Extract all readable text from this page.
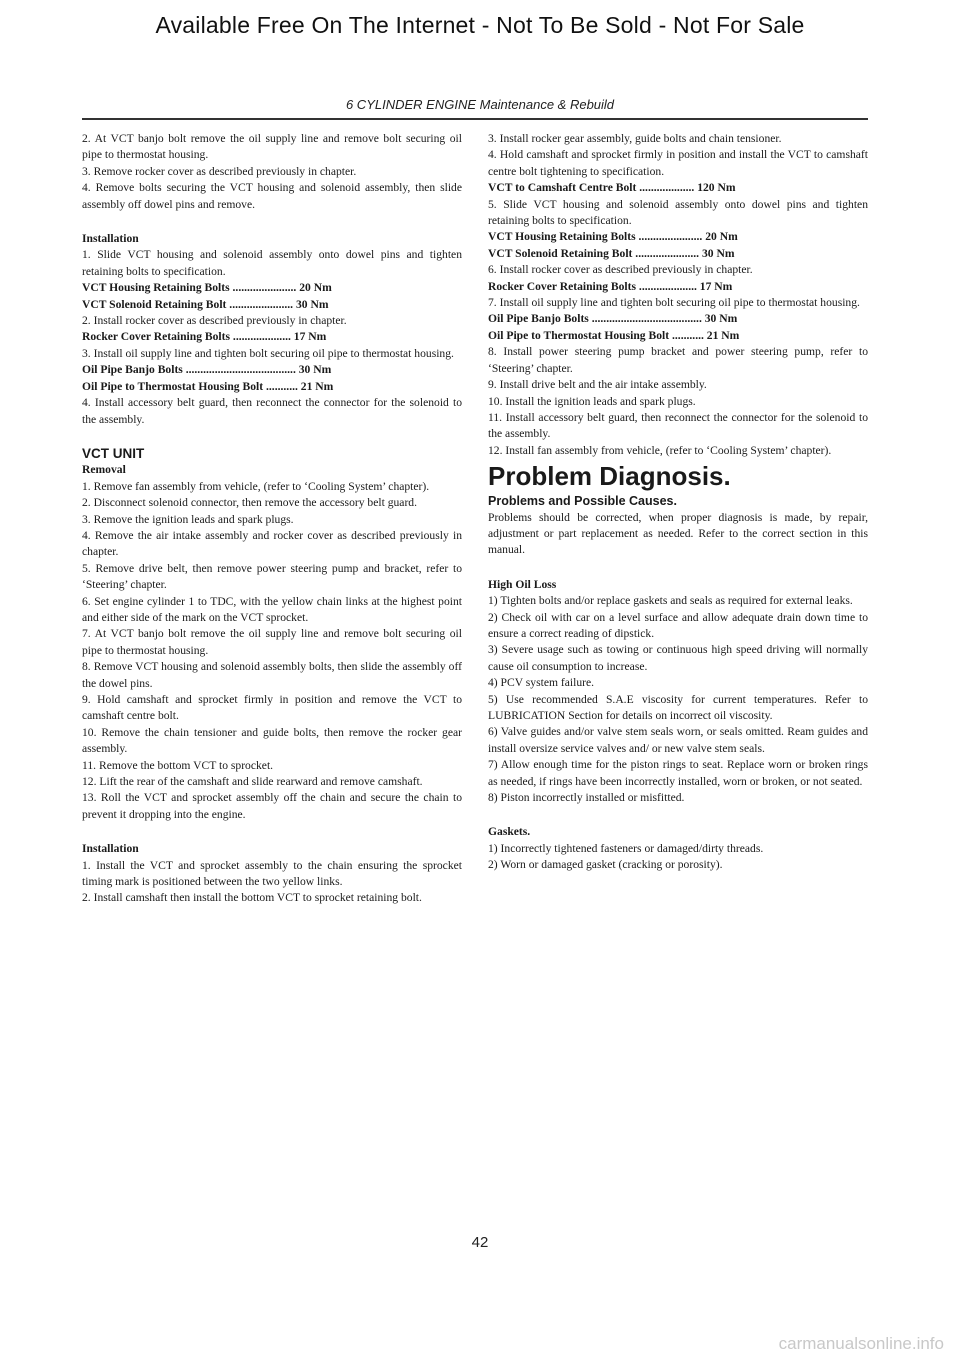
Available Free On The Internet - Not To Be Sold - Not For Sale
6 CYLINDER ENGINE Maintenance & Rebuild

2. At VCT banjo bolt remove the oil supply line and remove bolt securing oil pipe to thermostat housing.

3. Remove rocker cover as described previously in chapter.

4. Remove bolts securing the VCT housing and solenoid assembly, then slide assembly off dowel pins and remove.

Installation

1. Slide VCT housing and solenoid assembly onto dowel pins and tighten retaining bolts to specification.

VCT Housing Retaining Bolts ...................... 20 Nm

VCT Solenoid Retaining Bolt ...................... 30 Nm

2. Install rocker cover as described previously in chapter.

Rocker Cover Retaining Bolts .................... 17 Nm

3. Install oil supply line and tighten bolt securing oil pipe to thermostat housing.

Oil Pipe Banjo Bolts ...................................... 30 Nm

Oil Pipe to Thermostat Housing Bolt ........... 21 Nm

4. Install accessory belt guard, then reconnect the connector for the solenoid to the assembly.

VCT UNIT

Removal

1. Remove fan assembly from vehicle, (refer to ‘Cooling System’ chapter).

2. Disconnect solenoid connector, then remove the accessory belt guard.

3. Remove the ignition leads and spark plugs.

4. Remove the air intake assembly and rocker cover as described previously in chapter.

5. Remove drive belt, then remove power steering pump and bracket, refer to ‘Steering’ chapter.

6. Set engine cylinder 1 to TDC, with the yellow chain links at the highest point and either side of the mark on the VCT sprocket.

7. At VCT banjo bolt remove the oil supply line and remove bolt securing oil pipe to thermostat housing.

8. Remove VCT housing and solenoid assembly bolts, then slide the assembly off the dowel pins.

9. Hold camshaft and sprocket firmly in position and remove the VCT to camshaft centre bolt.

10. Remove the chain tensioner and guide bolts, then remove the rocker gear assembly.

11. Remove the bottom VCT to sprocket.

12. Lift the rear of the camshaft and slide rearward and remove camshaft.

13. Roll the VCT and sprocket assembly off the chain and secure the chain to prevent it dropping into the engine.

Installation

1. Install the VCT and sprocket assembly to the chain ensuring the sprocket timing mark is positioned between the two yellow links.

2. Install camshaft then install the bottom VCT to sprocket retaining bolt.

3. Install rocker gear assembly, guide bolts and chain tensioner.

4. Hold camshaft and sprocket firmly in position and install the VCT to camshaft centre bolt tightening to specification.

VCT to Camshaft Centre Bolt ................... 120 Nm

5. Slide VCT housing and solenoid assembly onto dowel pins and tighten retaining bolts to specification.

VCT Housing Retaining Bolts ...................... 20 Nm

VCT Solenoid Retaining Bolt ...................... 30 Nm

6. Install rocker cover as described previously in chapter.

Rocker Cover Retaining Bolts .................... 17 Nm

7. Install oil supply line and tighten bolt securing oil pipe to thermostat housing.

Oil Pipe Banjo Bolts ...................................... 30 Nm

Oil Pipe to Thermostat Housing Bolt ........... 21 Nm

8. Install power steering pump bracket and power steering pump, refer to ‘Steering’ chapter.

9. Install drive belt and the air intake assembly.

10. Install the ignition leads and spark plugs.

11. Install accessory belt guard, then reconnect the connector for the solenoid to the assembly.

12. Install fan assembly from vehicle, (refer to ‘Cooling System’ chapter).

Problem Diagnosis.

Problems and Possible Causes.

Problems should be corrected, when proper diagnosis is made, by repair, adjustment or part replacement as needed. Refer to the correct section in this manual.

High Oil Loss

1) Tighten bolts and/or replace gaskets and seals as required for external leaks.

2) Check oil with car on a level surface and allow adequate drain down time to ensure a correct reading of dipstick.

3) Severe usage such as towing or continuous high speed driving will normally cause oil consumption to increase.

4) PCV system failure.

5) Use recommended S.A.E viscosity for current temperatures. Refer to LUBRICATION Section for details on incorrect oil viscosity.

6) Valve guides and/or valve stem seals worn, or seals omitted. Ream guides and install oversize service valves and/ or new valve stem seals.

7) Allow enough time for the piston rings to seat. Replace worn or broken rings as needed, if rings have been incorrectly installed, worn or broken, or not seated.

8) Piston incorrectly installed or misfitted.

Gaskets.

1) Incorrectly tightened fasteners or damaged/dirty threads.

2) Worn or damaged gasket (cracking or porosity).

42
carmanualsonline.info
